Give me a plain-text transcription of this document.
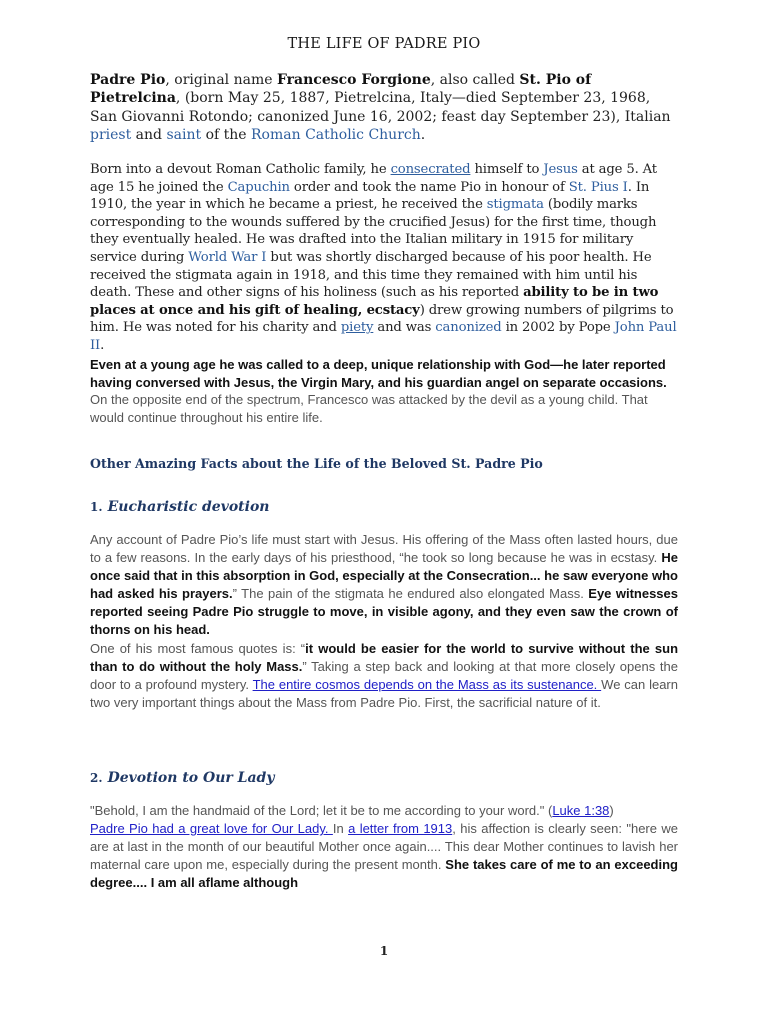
THE LIFE OF PADRE PIO
Padre Pio, original name Francesco Forgione, also called St. Pio of Pietrelcina, (born May 25, 1887, Pietrelcina, Italy—died September 23, 1968, San Giovanni Rotondo; canonized June 16, 2002; feast day September 23), Italian priest and saint of the Roman Catholic Church.
Born into a devout Roman Catholic family, he consecrated himself to Jesus at age 5. At age 15 he joined the Capuchin order and took the name Pio in honour of St. Pius I. In 1910, the year in which he became a priest, he received the stigmata (bodily marks corresponding to the wounds suffered by the crucified Jesus) for the first time, though they eventually healed. He was drafted into the Italian military in 1915 for military service during World War I but was shortly discharged because of his poor health. He received the stigmata again in 1918, and this time they remained with him until his death. These and other signs of his holiness (such as his reported ability to be in two places at once and his gift of healing, ecstacy) drew growing numbers of pilgrims to him. He was noted for his charity and piety and was canonized in 2002 by Pope John Paul II.
Even at a young age he was called to a deep, unique relationship with God—he later reported having conversed with Jesus, the Virgin Mary, and his guardian angel on separate occasions. On the opposite end of the spectrum, Francesco was attacked by the devil as a young child. That would continue throughout his entire life.
Other Amazing Facts about the Life of the Beloved St. Padre Pio
1. Eucharistic devotion
Any account of Padre Pio’s life must start with Jesus. His offering of the Mass often lasted hours, due to a few reasons. In the early days of his priesthood, “he took so long because he was in ecstasy. He once said that in this absorption in God, especially at the Consecration... he saw everyone who had asked his prayers.” The pain of the stigmata he endured also elongated Mass. Eye witnesses reported seeing Padre Pio struggle to move, in visible agony, and they even saw the crown of thorns on his head.
One of his most famous quotes is: “it would be easier for the world to survive without the sun than to do without the holy Mass.” Taking a step back and looking at that more closely opens the door to a profound mystery. The entire cosmos depends on the Mass as its sustenance. We can learn two very important things about the Mass from Padre Pio. First, the sacrificial nature of it.
2. Devotion to Our Lady
"Behold, I am the handmaid of the Lord; let it be to me according to your word." (Luke 1:38)
Padre Pio had a great love for Our Lady. In a letter from 1913, his affection is clearly seen: "here we are at last in the month of our beautiful Mother once again.... This dear Mother continues to lavish her maternal care upon me, especially during the present month. She takes care of me to an exceeding degree.... I am all aflame although
1
